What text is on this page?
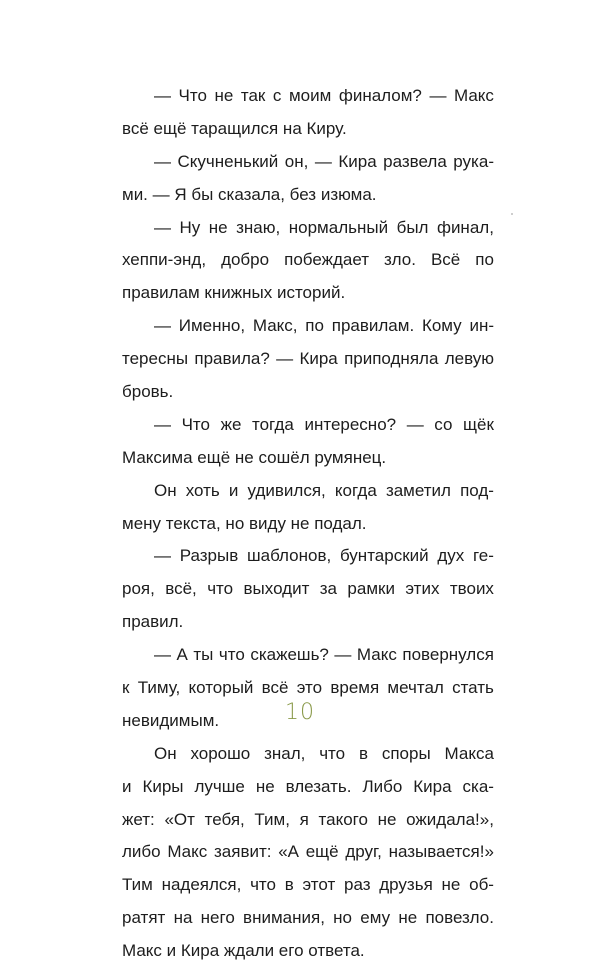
— Что не так с моим финалом? — Макс
всё ещё таращился на Киру.
— Скучненький он, — Кира развела рука-
ми. — Я бы сказала, без изюма.
— Ну не знаю, нормальный был финал,
хеппи-энд, добро побеждает зло. Всё по
правилам книжных историй.
— Именно, Макс, по правилам. Кому ин-
тересны правила? — Кира приподняла левую
бровь.
— Что же тогда интересно? — со щёк
Максима ещё не сошёл румянец.
Он хоть и удивился, когда заметил под-
мену текста, но виду не подал.
— Разрыв шаблонов, бунтарский дух ге-
роя, всё, что выходит за рамки этих твоих
правил.
— А ты что скажешь? — Макс повернулся
к Тиму, который всё это время мечтал стать
невидимым.
Он хорошо знал, что в споры Макса
и Киры лучше не влезать. Либо Кира ска-
жет: «От тебя, Тим, я такого не ожидала!»,
либо Макс заявит: «А ещё друг, называется!»
Тим надеялся, что в этот раз друзья не об-
ратят на него внимания, но ему не повезло.
Макс и Кира ждали его ответа.
10
